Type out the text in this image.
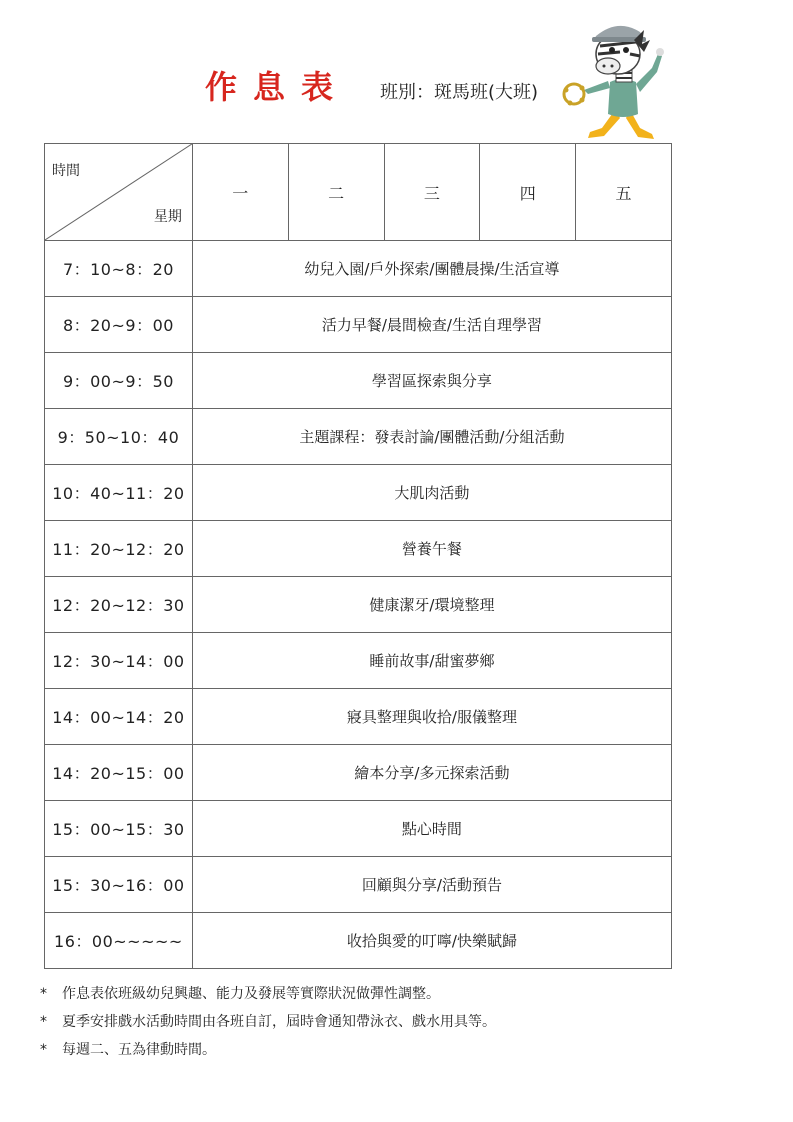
作息表 班別：斑馬班(大班)
時間
星期	一	二	三	四	五
7：10~8：20	幼兒入園/戶外探索/團體晨操/生活宣導				
8：20~9：00	活力早餐/晨間檢查/生活自理學習				
9：00~9：50	學習區探索與分享				
9：50~10：40	主題課程：發表討論/團體活動/分組活動				
10：40~11：20	大肌肉活動				
11：20~12：20	營養午餐				
12：20~12：30	健康潔牙/環境整理				
12：30~14：00	睡前故事/甜蜜夢鄉				
14：00~14：20	寢具整理與收拾/服儀整理				
14：20~15：00	繪本分享/多元探索活動				
15：00~15：30	點心時間				
15：30~16：00	回顧與分享/活動預告				
16：00~~~~~	收拾與愛的叮嚀/快樂賦歸				
*	作息表依班級幼兒興趣、能力及發展等實際狀況做彈性調整。
*	夏季安排戲水活動時間由各班自訂，屆時會通知帶泳衣、戲水用具等。
*	每週二、五為律動時間。
